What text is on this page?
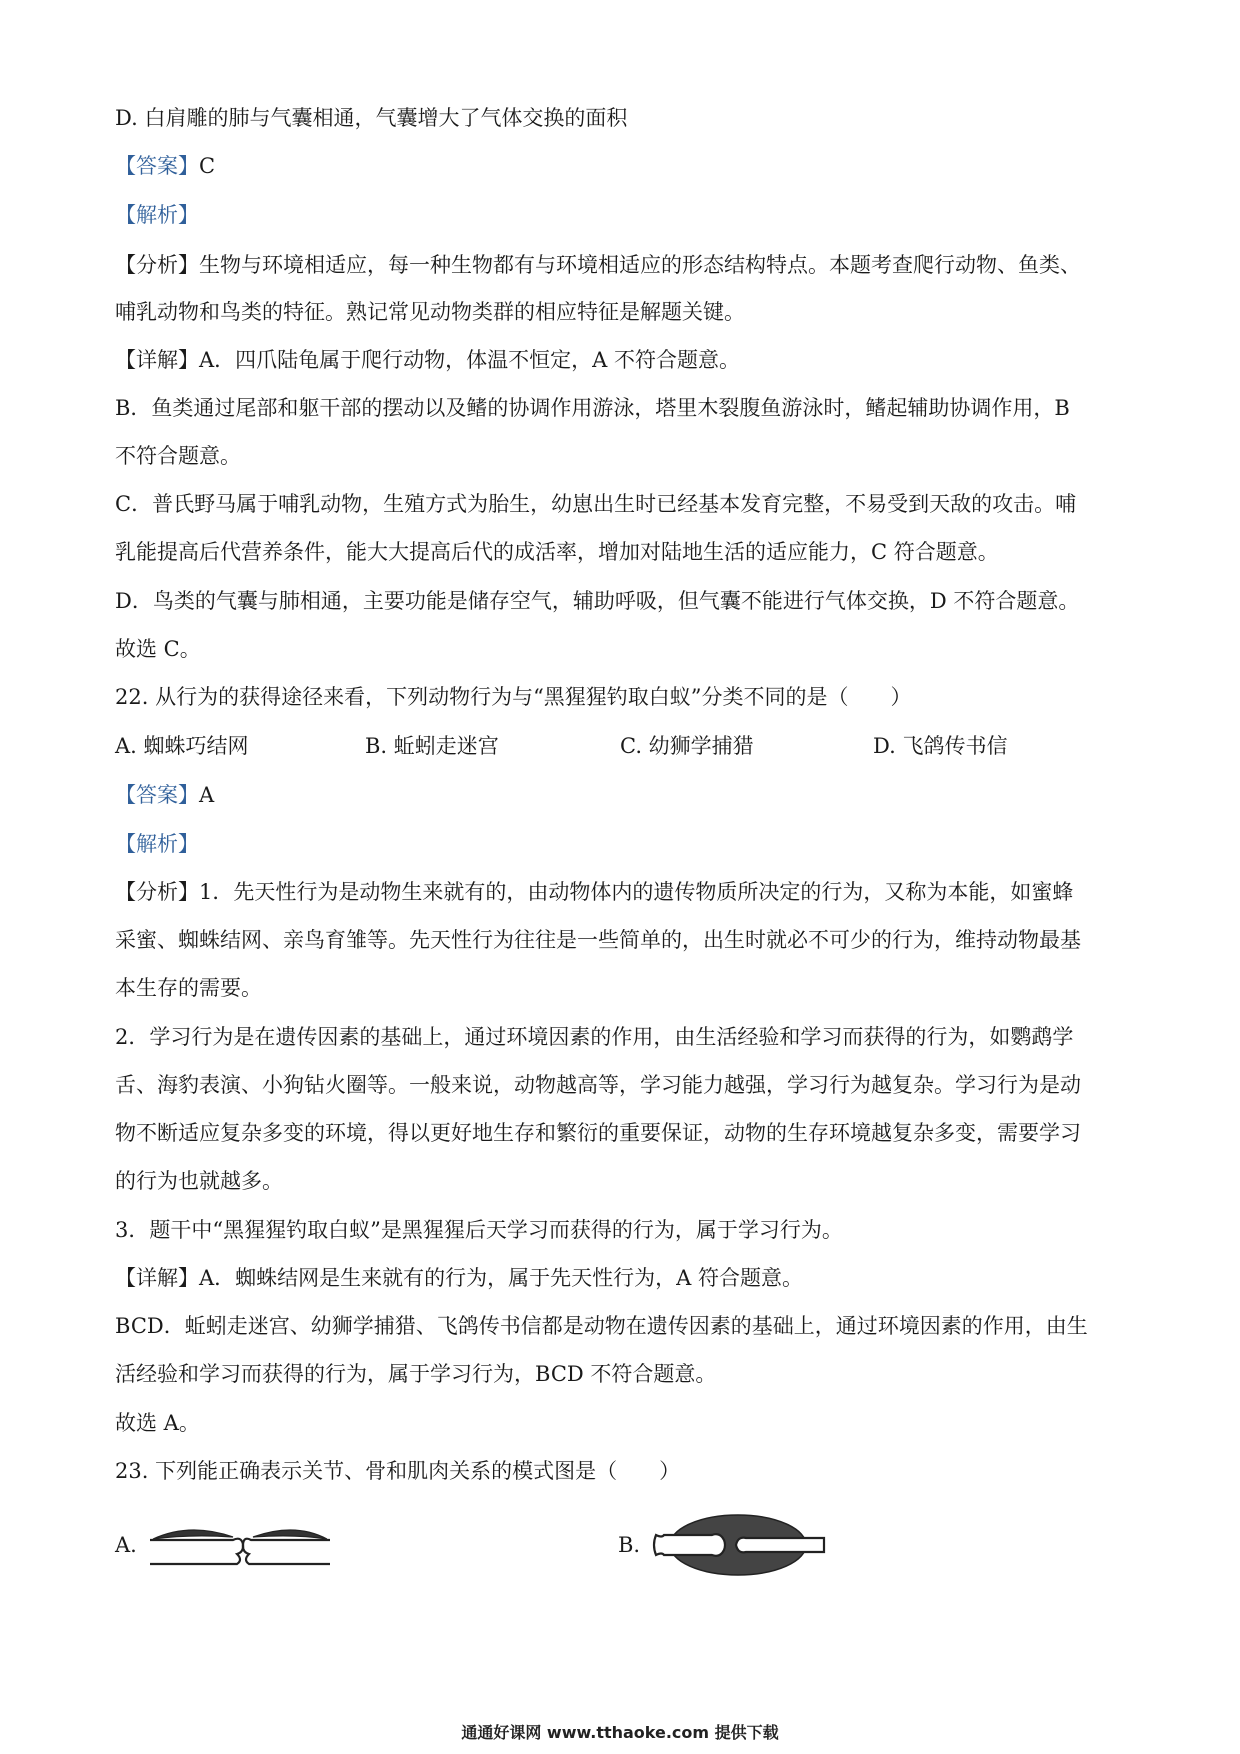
D. 白肩雕的肺与气囊相通，气囊增大了气体交换的面积
【答案】C
【解析】
【分析】生物与环境相适应，每一种生物都有与环境相适应的形态结构特点。本题考查爬行动物、鱼类、
哺乳动物和鸟类的特征。熟记常见动物类群的相应特征是解题关键。
【详解】A．四爪陆龟属于爬行动物，体温不恒定，A 不符合题意。
B．鱼类通过尾部和躯干部的摆动以及鳍的协调作用游泳，塔里木裂腹鱼游泳时，鳍起辅助协调作用，B
不符合题意。
C．普氏野马属于哺乳动物，生殖方式为胎生，幼崽出生时已经基本发育完整，不易受到天敌的攻击。哺
乳能提高后代营养条件，能大大提高后代的成活率，增加对陆地生活的适应能力，C 符合题意。
D．鸟类的气囊与肺相通，主要功能是储存空气，辅助呼吸，但气囊不能进行气体交换，D 不符合题意。
故选 C。
22. 从行为的获得途径来看，下列动物行为与“黑猩猩钓取白蚁”分类不同的是（　　）
A. 蜘蛛巧结网	B. 蚯蚓走迷宫	C. 幼狮学捕猎	D. 飞鸽传书信
【答案】A
【解析】
【分析】1．先天性行为是动物生来就有的，由动物体内的遗传物质所决定的行为，又称为本能，如蜜蜂
采蜜、蜘蛛结网、亲鸟育雏等。先天性行为往往是一些简单的，出生时就必不可少的行为，维持动物最基
本生存的需要。
2．学习行为是在遗传因素的基础上，通过环境因素的作用，由生活经验和学习而获得的行为，如鹦鹉学
舌、海豹表演、小狗钻火圈等。一般来说，动物越高等，学习能力越强，学习行为越复杂。学习行为是动
物不断适应复杂多变的环境，得以更好地生存和繁衍的重要保证，动物的生存环境越复杂多变，需要学习
的行为也就越多。
3．题干中“黑猩猩钓取白蚁”是黑猩猩后天学习而获得的行为，属于学习行为。
【详解】A．蜘蛛结网是生来就有的行为，属于先天性行为，A 符合题意。
BCD．蚯蚓走迷宫、幼狮学捕猎、飞鸽传书信都是动物在遗传因素的基础上，通过环境因素的作用，由生
活经验和学习而获得的行为，属于学习行为，BCD 不符合题意。
故选 A。
23. 下列能正确表示关节、骨和肌肉关系的模式图是（　　）
A.	B.
通通好课网 www.tthaoke.com 提供下载
